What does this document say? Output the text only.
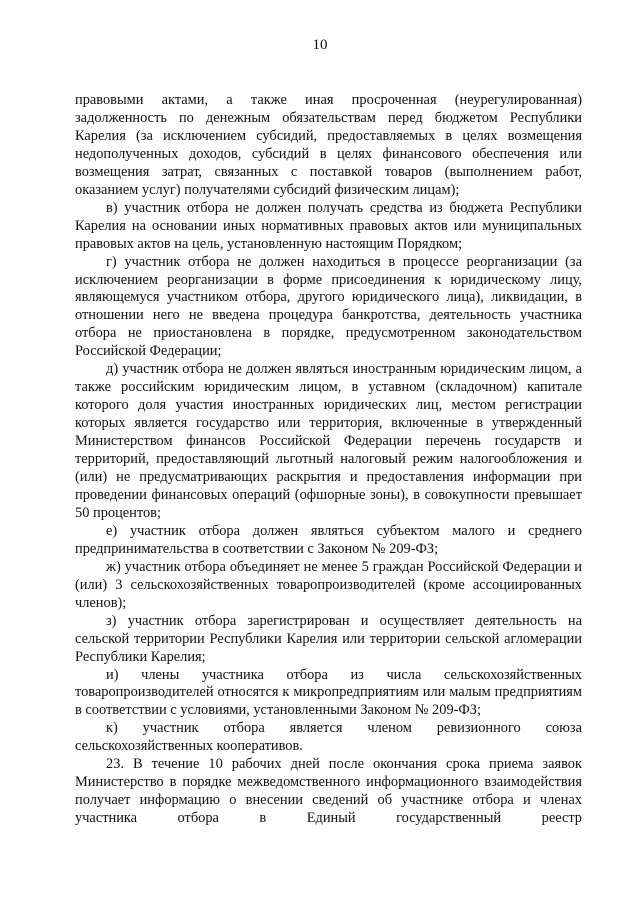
10

правовыми актами, а также иная просроченная (неурегулированная) задолженность по денежным обязательствам перед бюджетом Республики Карелия (за исключением субсидий, предоставляемых в целях возмещения недополученных доходов, субсидий в целях финансового обеспечения или возмещения затрат, связанных с поставкой товаров (выполнением работ, оказанием услуг) получателями субсидий физическим лицам);

в) участник отбора не должен получать средства из бюджета Республики Карелия на основании иных нормативных правовых актов или муниципальных правовых актов на цель, установленную настоящим Порядком;

г) участник отбора не должен находиться в процессе реорганизации (за исключением реорганизации в форме присоединения к юридическому лицу, являющемуся участником отбора, другого юридического лица), ликвидации, в отношении него не введена процедура банкротства, деятельность участника отбора не приостановлена в порядке, предусмотренном законодательством Российской Федерации;

д) участник отбора не должен являться иностранным юридическим лицом, а также российским юридическим лицом, в уставном (складочном) капитале которого доля участия иностранных юридических лиц, местом регистрации которых является государство или территория, включенные в утвержденный Министерством финансов Российской Федерации перечень государств и территорий, предоставляющий льготный налоговый режим налогообложения и (или) не предусматривающих раскрытия и предоставления информации при проведении финансовых операций (офшорные зоны), в совокупности превышает 50 процентов;

е) участник отбора должен являться субъектом малого и среднего предпринимательства в соответствии с Законом № 209-ФЗ;

ж) участник отбора объединяет не менее 5 граждан Российской Федерации и (или) 3 сельскохозяйственных товаропроизводителей (кроме ассоциированных членов);

з) участник отбора зарегистрирован и осуществляет деятельность на сельской территории Республики Карелия или территории сельской агломерации Республики Карелия;

и) члены участника отбора из числа сельскохозяйственных товаропроизводителей относятся к микропредприятиям или малым предприятиям в соответствии с условиями, установленными Законом № 209-ФЗ;

к) участник отбора является членом ревизионного союза сельскохозяйственных кооперативов.

23. В течение 10 рабочих дней после окончания срока приема заявок Министерство в порядке межведомственного информационного взаимодействия получает информацию о внесении сведений об участнике отбора и членах участника отбора в Единый государственный реестр
